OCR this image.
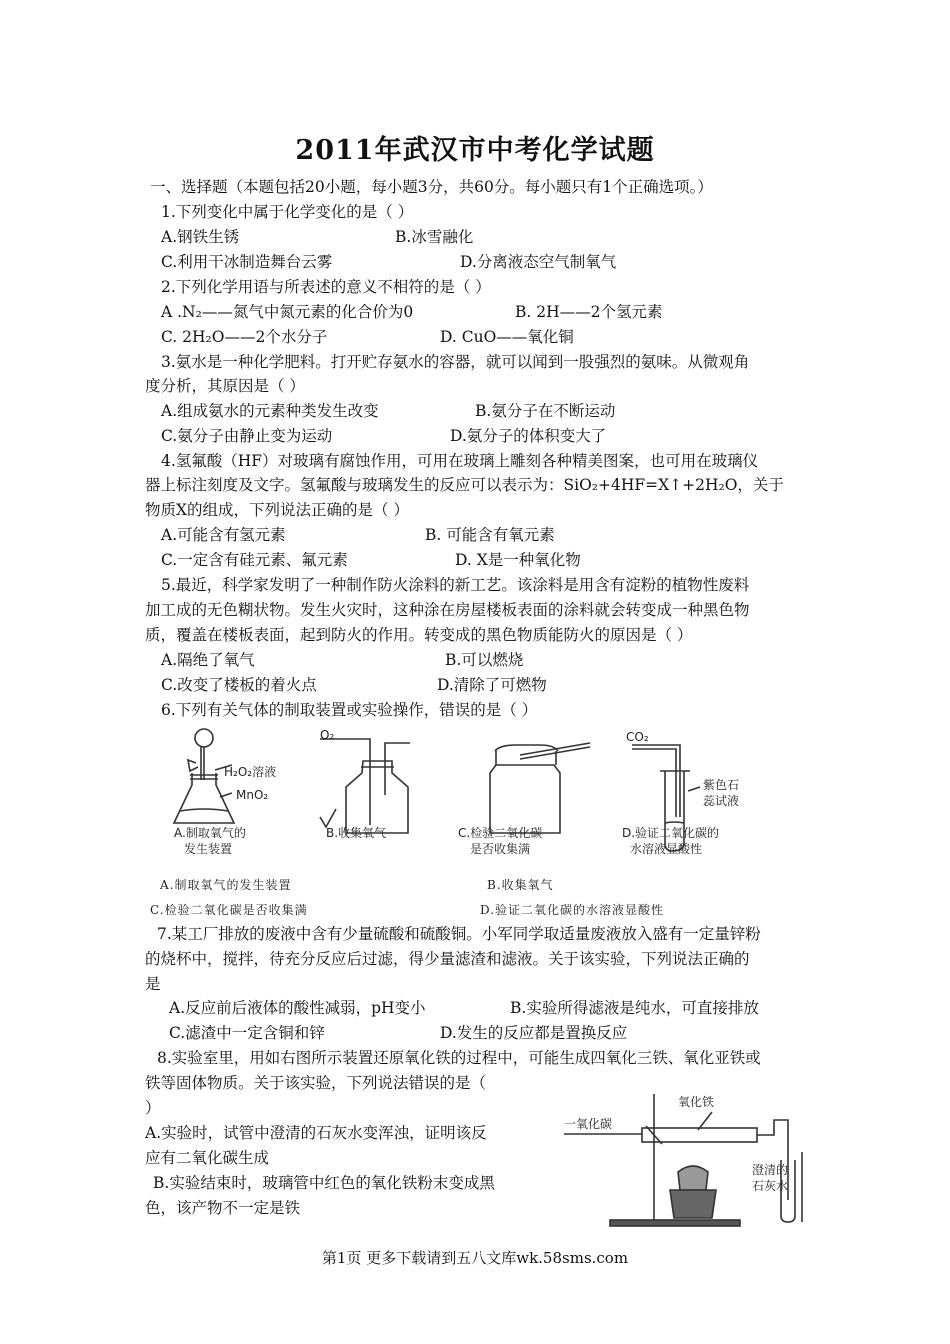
2011年武汉市中考化学试题
一、选择题（本题包括20小题，每小题3分，共60分。每小题只有1个正确选项。）
1.下列变化中属于化学变化的是（ ）
A.钢铁生锈	B.冰雪融化
C.利用干冰制造舞台云雾	D.分离液态空气制氧气
2.下列化学用语与所表述的意义不相符的是（ ）
A .N₂——氮气中氮元素的化合价为0	B. 2H——2个氢元素
C. 2H₂O——2个水分子	D. CuO——氧化铜
3.氨水是一种化学肥料。打开贮存氨水的容器，就可以闻到一股强烈的氨味。从微观角
度分析，其原因是（ ）
A.组成氨水的元素种类发生改变	B.氨分子在不断运动
C.氨分子由静止变为运动	D.氨分子的体积变大了
4.氢氟酸（HF）对玻璃有腐蚀作用，可用在玻璃上雕刻各种精美图案，也可用在玻璃仪
器上标注刻度及文字。氢氟酸与玻璃发生的反应可以表示为：SiO₂+4HF=X↑+2H₂O，关于
物质X的组成，下列说法正确的是（ ）
A.可能含有氢元素	B. 可能含有氧元素
C.一定含有硅元素、氟元素	D. X是一种氧化物
5.最近，科学家发明了一种制作防火涂料的新工艺。该涂料是用含有淀粉的植物性废料
加工成的无色糊状物。发生火灾时，这种涂在房屋楼板表面的涂料就会转变成一种黑色物
质，覆盖在楼板表面，起到防火的作用。转变成的黑色物质能防火的原因是（ ）
A.隔绝了氧气	B.可以燃烧
C.改变了楼板的着火点	D.清除了可燃物
6.下列有关气体的制取装置或实验操作，错误的是（ ）
H₂O₂溶液
MnO₂
A.制取氧气的
发生装置
O₂
B.收集氧气	C.检验二氧化碳
是否收集满
CO₂
紫色石
蕊试液
D.验证二氧化碳的
水溶液显酸性
A.制取氧气的发生装置	B.收集氧气
C.检验二氧化碳是否收集满	D.验证二氧化碳的水溶液显酸性
7.某工厂排放的废液中含有少量硫酸和硫酸铜。小军同学取适量废液放入盛有一定量锌粉
的烧杯中，搅拌，待充分反应后过滤，得少量滤渣和滤液。关于该实验，下列说法正确的
是
A.反应前后液体的酸性减弱，pH变小	B.实验所得滤液是纯水，可直接排放
C.滤渣中一定含铜和锌	D.发生的反应都是置换反应
8.实验室里，用如右图所示装置还原氧化铁的过程中，可能生成四氧化三铁、氧化亚铁或
铁等固体物质。关于该实验，下列说法错误的是（
）
A.实验时，试管中澄清的石灰水变浑浊，证明该反
应有二氧化碳生成
B.实验结束时，玻璃管中红色的氧化铁粉末变成黑
色，该产物不一定是铁
一氧化碳
氧化铁
澄清的
石灰水
第1页 更多下载请到五八文库wk.58sms.com
